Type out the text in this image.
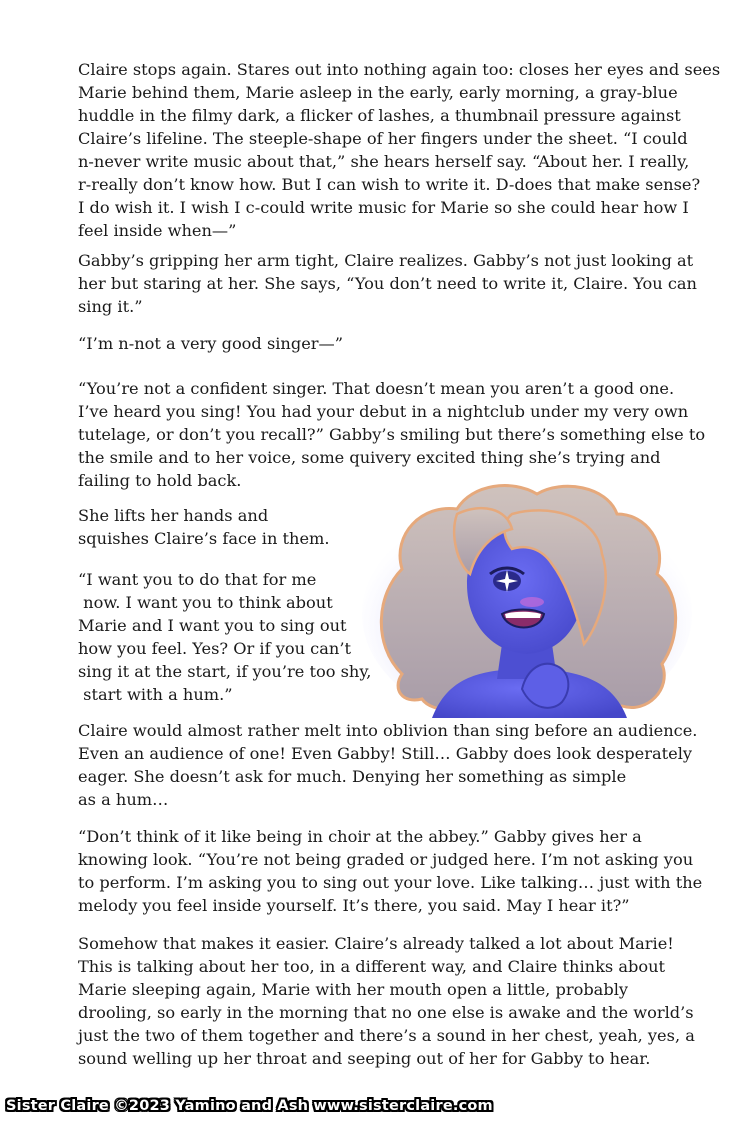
Claire stops again. Stares out into nothing again too: closes her eyes and sees
Marie behind them, Marie asleep in the early, early morning, a gray-blue
huddle in the filmy dark, a flicker of lashes, a thumbnail pressure against
Claire’s lifeline. The steeple-shape of her fingers under the sheet. “I could
n-never write music about that,” she hears herself say. “About her. I really,
r-really don’t know how. But I can wish to write it. D-does that make sense?
I do wish it. I wish I c-could write music for Marie so she could hear how I
feel inside when—”
Gabby’s gripping her arm tight, Claire realizes. Gabby’s not just looking at
her but staring at her. She says, “You don’t need to write it, Claire. You can
sing it.”
“I’m n-not a very good singer—”
“You’re not a confident singer. That doesn’t mean you aren’t a good one.
I’ve heard you sing! You had your debut in a nightclub under my very own
tutelage, or don’t you recall?” Gabby’s smiling but there’s something else to
the smile and to her voice, some quivery excited thing she’s trying and
failing to hold back.
She lifts her hands and
squishes Claire’s face in them.
“I want you to do that for me
now. I want you to think about
Marie and I want you to sing out
how you feel. Yes? Or if you can’t
sing it at the start, if you’re too shy,
start with a hum.”
Claire would almost rather melt into oblivion than sing before an audience.
Even an audience of one! Even Gabby! Still… Gabby does look desperately
eager. She doesn’t ask for much. Denying her something as simple
as a hum…
“Don’t think of it like being in choir at the abbey.” Gabby gives her a
knowing look. “You’re not being graded or judged here. I’m not asking you
to perform. I’m asking you to sing out your love. Like talking… just with the
melody you feel inside yourself. It’s there, you said. May I hear it?”
Somehow that makes it easier. Claire’s already talked a lot about Marie!
This is talking about her too, in a different way, and Claire thinks about
Marie sleeping again, Marie with her mouth open a little, probably
drooling, so early in the morning that no one else is awake and the world’s
just the two of them together and there’s a sound in her chest, yeah, yes, a
sound welling up her throat and seeping out of her for Gabby to hear.
Sister Claire ©2023 Yamino and Ash www.sisterclaire.com
